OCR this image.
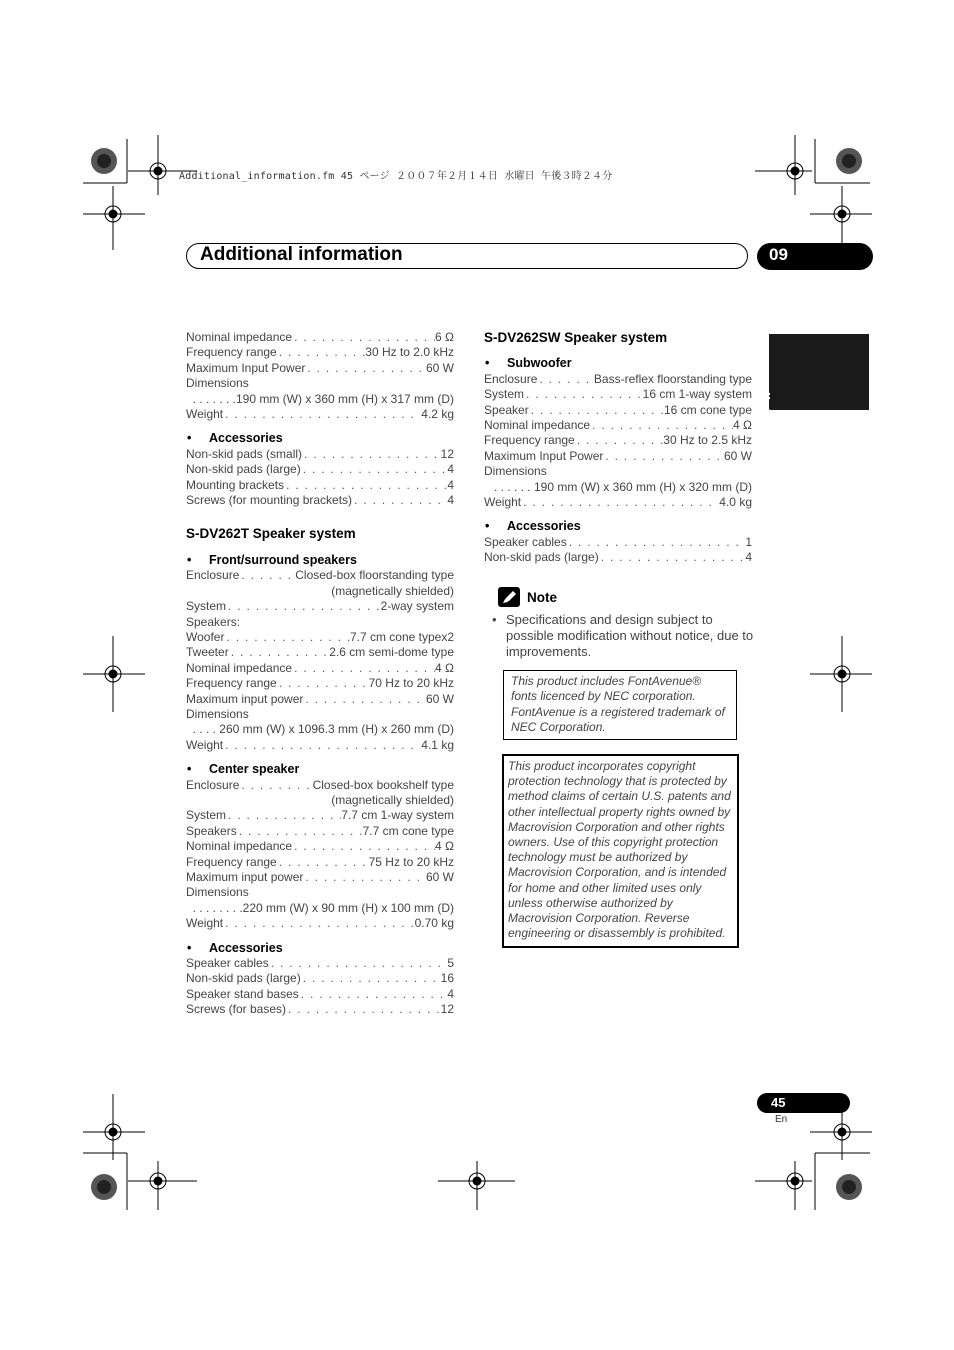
Additional_information.fm 45 ページ ２００７年２月１４日 水曜日 午後３時２４分
Additional information	09
English
Nominal impedance . . .	6 Ω
Frequency range . . .	30 Hz to 2.0 kHz
Maximum Input Power . . .	60 W
Dimensions
. . . . . . .190 mm (W) x 360 mm (H) x 317 mm (D)
Weight . . .	4.2 kg
• Accessories
Non-skid pads (small) . . .	12
Non-skid pads (large) . . .	4
Mounting brackets . . .	4
Screws (for mounting brackets) . . .	4
S-DV262T Speaker system
• Front/surround speakers
Enclosure . . .	Closed-box floorstanding type
(magnetically shielded)
System . . .	2-way system
Speakers:
Woofer . . .	7.7 cm cone typex2
Tweeter . . .	2.6 cm semi-dome type
Nominal impedance . . .	4 Ω
Frequency range . . .	70 Hz to 20 kHz
Maximum input power . . .	60 W
Dimensions
. . . . 260 mm (W) x 1096.3 mm (H) x 260 mm (D)
Weight . . .	4.1 kg
• Center speaker
Enclosure . . .	Closed-box bookshelf type
(magnetically shielded)
System . . .	7.7 cm 1-way system
Speakers . . .	7.7 cm cone type
Nominal impedance . . .	4 Ω
Frequency range . . .	75 Hz to 20 kHz
Maximum input power . . .	60 W
Dimensions
. . . . . . . .220 mm (W) x 90 mm (H) x 100 mm (D)
Weight . . .	0.70 kg
• Accessories
Speaker cables . . .	5
Non-skid pads (large) . . .	16
Speaker stand bases . . .	4
Screws (for bases) . . .	12
S-DV262SW Speaker system
• Subwoofer
Enclosure . . .	Bass-reflex floorstanding type
System . . .	16 cm 1-way system
Speaker . . .	16 cm cone type
Nominal impedance . . .	4 Ω
Frequency range . . .	30 Hz to 2.5 kHz
Maximum Input Power . . .	60 W
Dimensions
. . . . . . 190 mm (W) x 360 mm (H) x 320 mm (D)
Weight . . .	4.0 kg
• Accessories
Speaker cables . . .	1
Non-skid pads (large) . . .	4
Note
• Specifications and design subject to possible modification without notice, due to improvements.
This product includes FontAvenue® fonts licenced by NEC corporation. FontAvenue is a registered trademark of NEC Corporation.
This product incorporates copyright protection technology that is protected by method claims of certain U.S. patents and other intellectual property rights owned by Macrovision Corporation and other rights owners. Use of this copyright protection technology must be authorized by Macrovision Corporation, and is intended for home and other limited uses only unless otherwise authorized by Macrovision Corporation. Reverse engineering or disassembly is prohibited.
45
En
